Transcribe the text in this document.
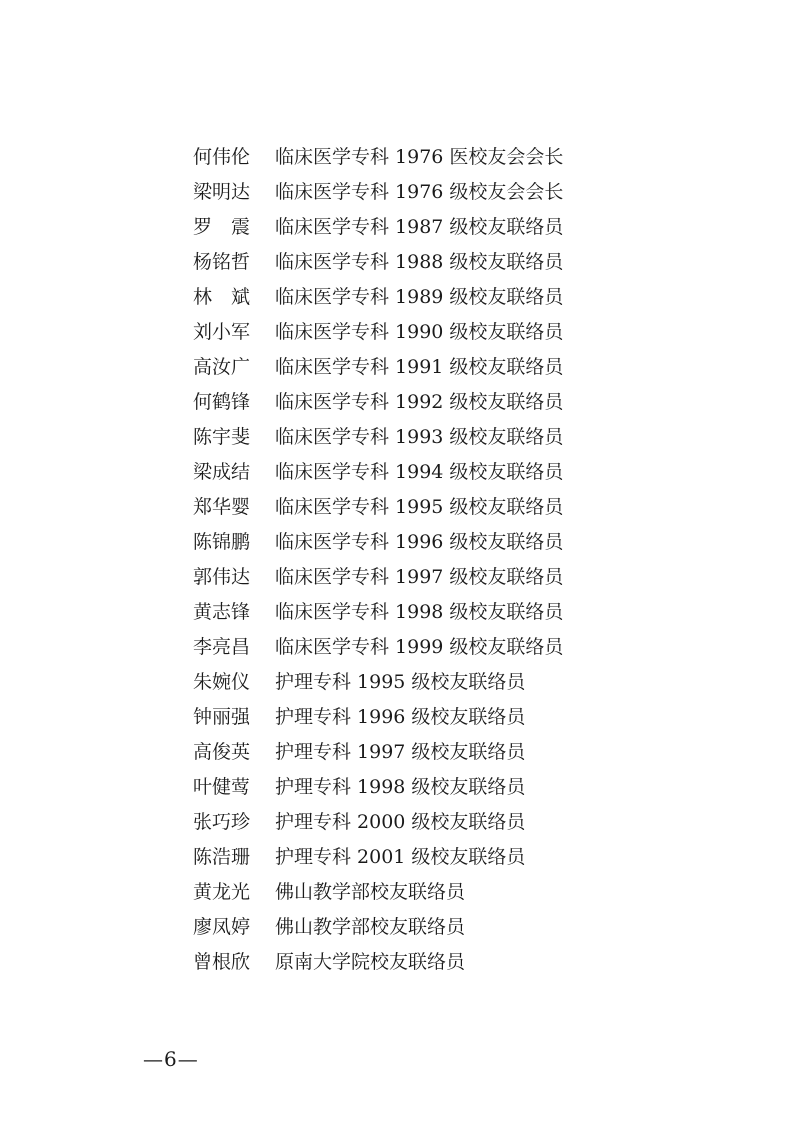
何伟伦	临床医学专科 1976 医校友会会长
梁明达	临床医学专科 1976 级校友会会长
罗　震	临床医学专科 1987 级校友联络员
杨铭哲	临床医学专科 1988 级校友联络员
林　斌	临床医学专科 1989 级校友联络员
刘小军	临床医学专科 1990 级校友联络员
高汝广	临床医学专科 1991 级校友联络员
何鹤锋	临床医学专科 1992 级校友联络员
陈宇斐	临床医学专科 1993 级校友联络员
梁成结	临床医学专科 1994 级校友联络员
郑华婴	临床医学专科 1995 级校友联络员
陈锦鹏	临床医学专科 1996 级校友联络员
郭伟达	临床医学专科 1997 级校友联络员
黄志锋	临床医学专科 1998 级校友联络员
李亮昌	临床医学专科 1999 级校友联络员
朱婉仪	护理专科 1995 级校友联络员
钟丽强	护理专科 1996 级校友联络员
高俊英	护理专科 1997 级校友联络员
叶健莺	护理专科 1998 级校友联络员
张巧珍	护理专科 2000 级校友联络员
陈浩珊	护理专科 2001 级校友联络员
黄龙光	佛山教学部校友联络员
廖凤婷	佛山教学部校友联络员
曾根欣	原南大学院校友联络员
—6—
